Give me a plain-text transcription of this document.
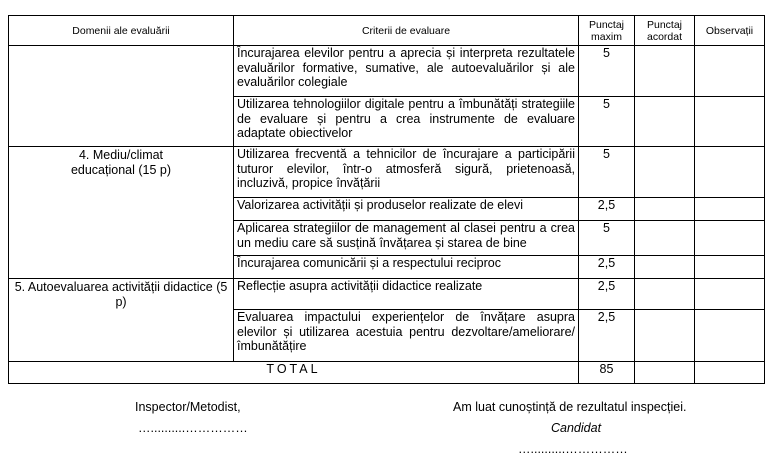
Domenii ale evaluării	Criterii de evaluare	Punctaj maxim	Punctaj acordat	Observații
	Încurajarea elevilor pentru a aprecia și interpreta rezultatele evaluărilor formative, sumative, ale autoevaluărilor și ale evaluărilor colegiale	5		
	Utilizarea tehnologiilor digitale pentru a îmbunătăți strategiile de evaluare și pentru a crea instrumente de evaluare adaptate obiectivelor	5		

4. Mediu/climat educațional (15 p)	Utilizarea frecventă a tehnicilor de încurajare a participării tuturor elevilor, într-o atmosferă sigură, prietenoasă, incluzivă, propice învățării	5		
	Valorizarea activității și produselor realizate de elevi	2,5		
	Aplicarea strategiilor de management al clasei pentru a crea un mediu care să susțină învățarea și starea de bine	5		
	Încurajarea comunicării și a respectului reciproc	2,5		

5. Autoevaluarea activității didactice (5 p)	Reflecție asupra activității didactice realizate	2,5		
	Evaluarea impactului experiențelor de învățare asupra elevilor și utilizarea acestuia pentru dezvoltare/ameliorare/ îmbunătățire	2,5		
TOTAL		85		
Inspector/Metodist,
…..........……………
Am luat cunoștință de rezultatul inspecției.
Candidat
…..........……………
